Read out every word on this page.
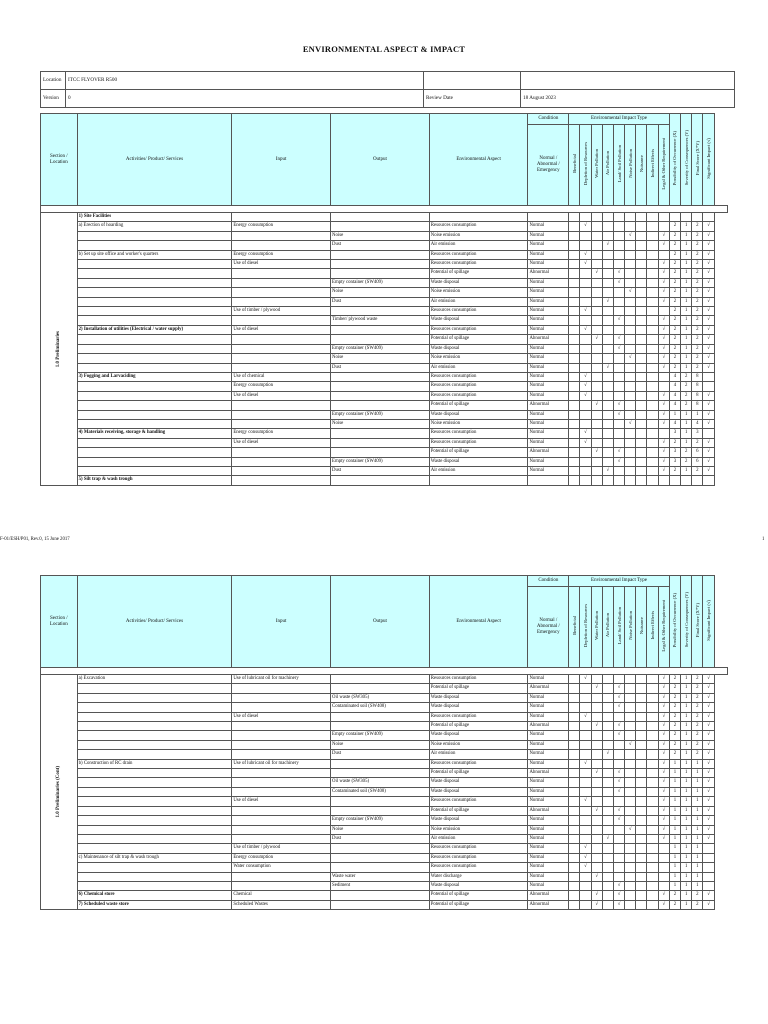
ENVIRONMENTAL ASPECT & IMPACT
Location	ITCC FLYOVER R500		
Version	0	Review Date	18 August 2023
Section / Location	Activities/ Product/ Services	Input	Output	Environmental Aspect	Condition	Environmental Impact Type									Possibility of Occurrence (X)	Severity of Consequences (Y)	Final Score (X*Y)	Significant Impact (√)
					Normal / Abnormal / Emergency	Beneficial	Depletion of Resources	Water Pollution	Air Pollution	Land/ Soil Pollution	Noise Pollution	Nuisance	Indirect Effects	Legal & Other Requirement				

1.0 Preliminaries	1) Site Facilities																	
	a) Erection of hoarding	Energy consumption		Resources consumption	Normal		√								2	1	2	√
			Noise	Noise emission	Normal						√			√	2	1	2	√
			Dust	Air emission	Normal				√					√	2	1	2	√
	b) Set up site office and worker's quarters	Energy consumption		Resources consumption	Normal		√								2	1	2	√
		Use of diesel		Resources consumption	Normal		√							√	2	1	2	√
				Potential of spillage	Abnormal			√		√				√	2	1	2	√
			Empty container (SW409)	Waste disposal	Normal					√				√	2	1	2	√
			Noise	Noise emission	Normal						√			√	2	1	2	√
			Dust	Air emission	Normal				√					√	2	1	2	√
		Use of timber / plywood		Resources consumption	Normal		√								2	1	2	√
			Timber/ plywood waste	Waste disposal	Normal					√				√	2	1	2	√
	2) Installation of utilities (Electrical / water supply)	Use of diesel		Resources consumption	Normal		√							√	2	1	2	√
				Potential of spillage	Abnormal			√		√				√	2	1	2	√
			Empty container (SW409)	Waste disposal	Normal					√				√	2	1	2	√
			Noise	Noise emission	Normal						√			√	2	1	2	√
			Dust	Air emission	Normal				√					√	2	1	2	√
	3) Fogging and Larvaciding	Use of chemical		Resources consumption	Normal		√								4	2	8	
		Energy consumption		Resources consumption	Normal		√								4	2	8	
		Use of diesel		Resources consumption	Normal		√							√	4	2	8	√
				Potential of spillage	Abnormal			√		√				√	4	2	8	√
			Empty container (SW409)	Waste disposal	Normal					√				√	1	1	1	√
			Noise	Noise emission	Normal						√			√	4	1	4	√
	4) Materials receiving, storage & handling	Energy consumption		Resources consumption	Normal		√								3	1	3	
		Use of diesel		Resources consumption	Normal		√							√	2	1	2	√
				Potential of spillage	Abnormal			√		√				√	3	2	6	√
			Empty container (SW409)	Waste disposal	Normal					√				√	3	2	6	√
			Dust	Air emission	Normal				√					√	2	1	2	√
	5) Silt trap & wash trough																	
F-01/ESH/P01, Rev.0, 15 June 2017	1
Section / Location	Activities/ Product/ Services	Input	Output	Environmental Aspect	Condition	Environmental Impact Type									Possibility of Occurrence (X)	Severity of Consequences (Y)	Final Score (X*Y)	Significant Impact (√)
					Normal / Abnormal / Emergency	Beneficial	Depletion of Resources	Water Pollution	Air Pollution	Land/ Soil Pollution	Noise Pollution	Nuisance	Indirect Effects	Legal & Other Requirement				

1.0 Preliminaries (Cont)	a) Excavation	Use of lubricant oil for machinery		Resources consumption	Normal		√							√	2	1	2	√
				Potential of spillage	Abnormal			√		√				√	2	1	2	√
			Oil waste (SW305)	Waste disposal	Normal					√				√	2	1	2	√
			Contaminated soil (SW408)	Waste disposal	Normal					√				√	2	1	2	√
		Use of diesel		Resources consumption	Normal		√							√	2	1	2	√
				Potential of spillage	Abnormal			√		√				√	2	1	2	√
			Empty container (SW409)	Waste disposal	Normal					√				√	2	1	2	√
			Noise	Noise emission	Normal						√			√	2	1	2	√
			Dust	Air emission	Normal				√					√	2	1	2	√
	b) Construction of RC drain	Use of lubricant oil for machinery		Resources consumption	Normal		√							√	1	1	1	√
				Potential of spillage	Abnormal			√		√				√	1	1	1	√
			Oil waste (SW305)	Waste disposal	Normal					√				√	1	1	1	√
			Contaminated soil (SW408)	Waste disposal	Normal					√				√	1	1	1	√
		Use of diesel		Resources consumption	Normal		√							√	1	1	1	√
				Potential of spillage	Abnormal			√		√				√	1	1	1	√
			Empty container (SW409)	Waste disposal	Normal					√				√	1	1	1	√
			Noise	Noise emission	Normal						√			√	1	1	1	√
			Dust	Air emission	Normal				√					√	1	1	1	√
		Use of timber / plywood		Resources consumption	Normal		√								1	1	1	
	c) Maintenance of silt trap & wash trough	Energy consumption		Resources consumption	Normal		√								1	1	1	
		Water consumption		Resources consumption	Normal		√								1	1	1	
			Waste water	Water discharge	Normal			√							1	1	1	
			Sediment	Waste disposal	Normal					√					1	1	1	
	6) Chemical store	Chemical		Potential of spillage	Abnormal			√		√				√	2	1	2	√
	7) Scheduled waste store	Scheduled Wastes		Potential of spillage	Abnormal			√		√				√	2	1	2	√
